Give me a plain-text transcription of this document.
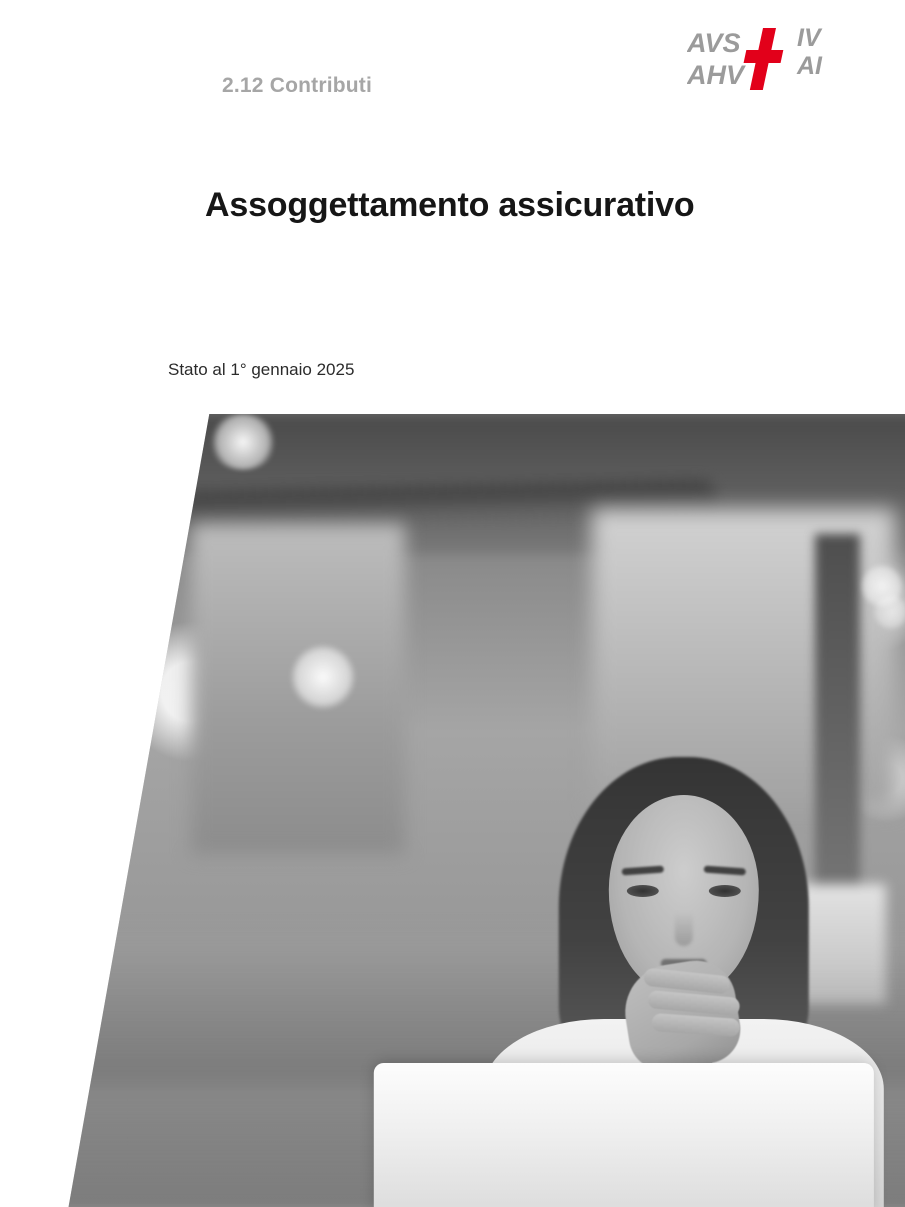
2.12 Contributi
AVS
AHV
IV
AI
Assoggettamento assicurativo
Stato al 1° gennaio 2025
